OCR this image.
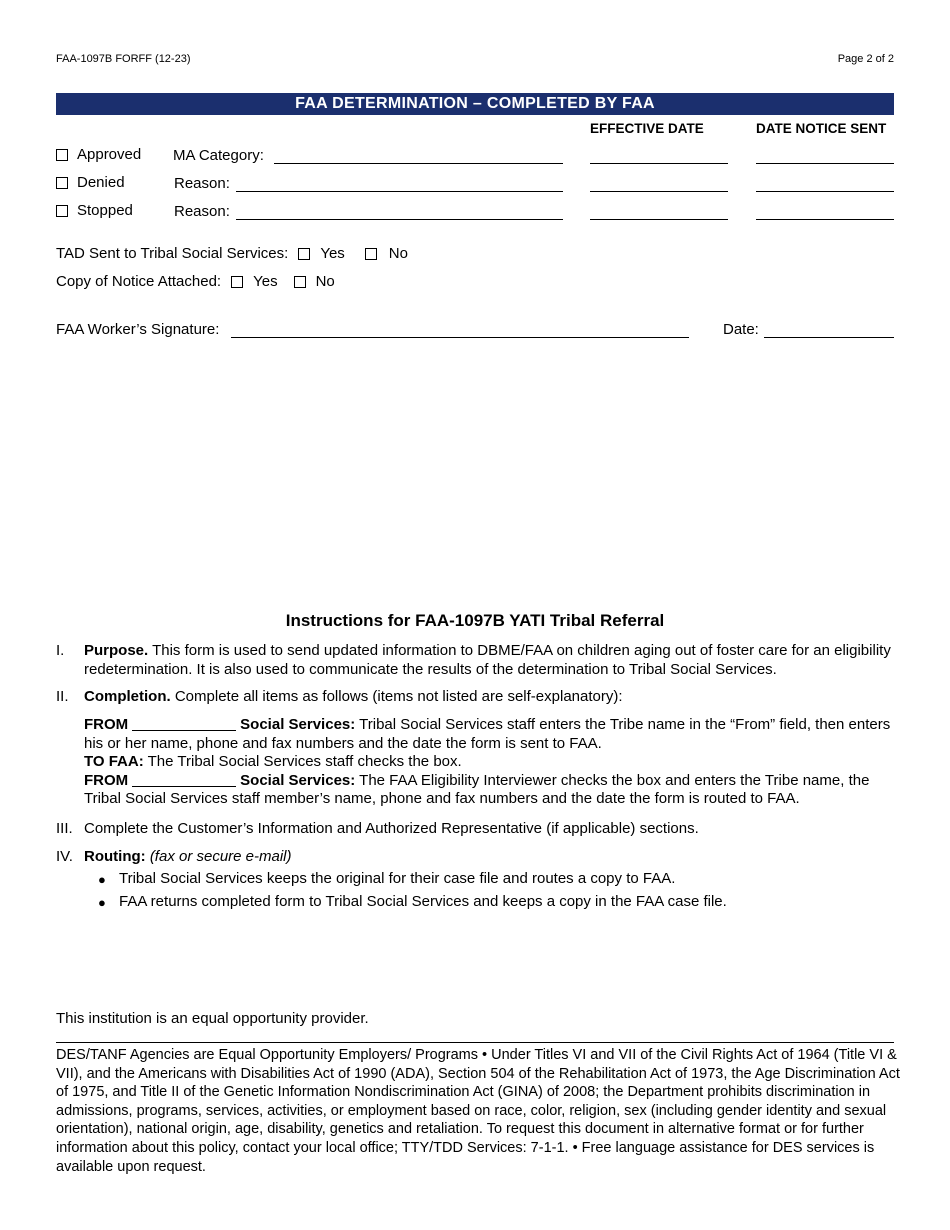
FAA-1097B FORFF (12-23)	Page 2 of 2
FAA DETERMINATION – COMPLETED BY FAA
EFFECTIVE DATE	DATE NOTICE SENT
Approved MA Category:
Denied	Reason:
Stopped	Reason:
TAD Sent to Tribal Social Services: Yes	No
Copy of Notice Attached: Yes	No
FAA Worker’s Signature:	Date:
Instructions for FAA-1097B YATI Tribal Referral
I. Purpose. This form is used to send updated information to DBME/FAA on children aging out of foster care for an eligibility redetermination. It is also used to communicate the results of the determination to Tribal Social Services.
II. Completion. Complete all items as follows (items not listed are self-explanatory):
FROM	Social Services: Tribal Social Services staff enters the Tribe name in the “From” field, then enters his or her name, phone and fax numbers and the date the form is sent to FAA.
TO FAA: The Tribal Social Services staff checks the box.
FROM	Social Services: The FAA Eligibility Interviewer checks the box and enters the Tribe name, the Tribal Social Services staff member’s name, phone and fax numbers and the date the form is routed to FAA.
III. Complete the Customer’s Information and Authorized Representative (if applicable) sections.
IV. Routing: (fax or secure e-mail)
● Tribal Social Services keeps the original for their case file and routes a copy to FAA.
● FAA returns completed form to Tribal Social Services and keeps a copy in the FAA case file.
This institution is an equal opportunity provider.
DES/TANF Agencies are Equal Opportunity Employers/ Programs • Under Titles VI and VII of the Civil Rights Act of 1964 (Title VI & VII), and the Americans with Disabilities Act of 1990 (ADA), Section 504 of the Rehabilitation Act of 1973, the Age Discrimination Act of 1975, and Title II of the Genetic Information Nondiscrimination Act (GINA) of 2008; the Department prohibits discrimination in admissions, programs, services, activities, or employment based on race, color, religion, sex (including gender identity and sexual orientation), national origin, age, disability, genetics and retaliation. To request this document in alternative format or for further information about this policy, contact your local office; TTY/TDD Services: 7-1-1. • Free language assistance for DES services is available upon request.
